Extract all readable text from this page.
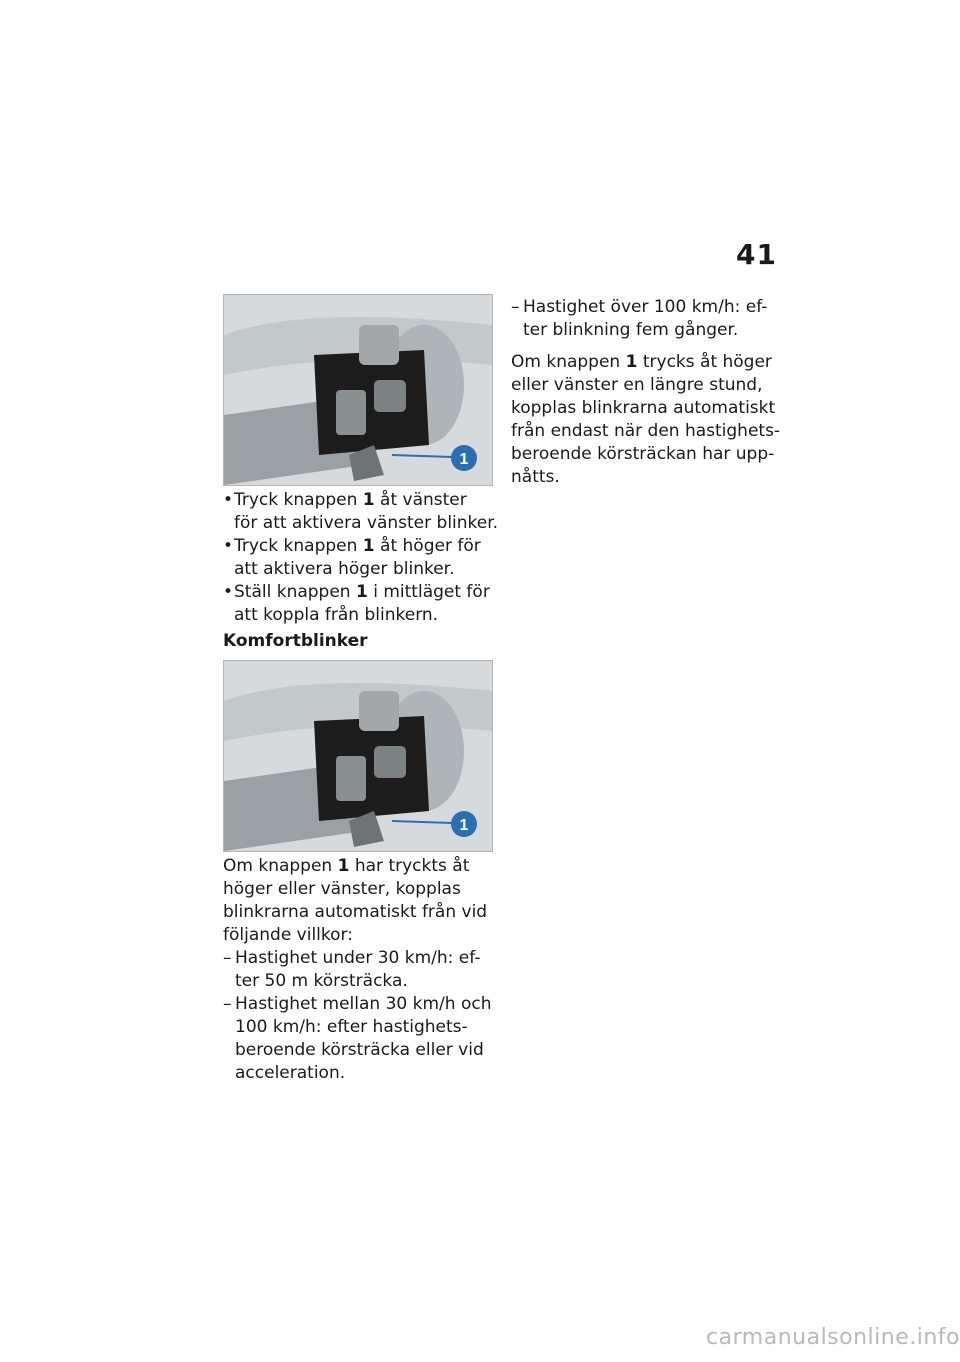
41
1
• Tryck knappen 1 åt vänster
för att aktivera vänster blinker.
• Tryck knappen 1 åt höger för
att aktivera höger blinker.
• Ställ knappen 1 i mittläget för
att koppla från blinkern.
Komfortblinker
1

Om knappen 1 har tryckts åt
höger eller vänster, kopplas
blinkrarna automatiskt från vid
följande villkor:

– Hastighet under 30 km/h: ef-
ter 50 m körsträcka.
– Hastighet mellan 30 km/h och
100 km/h: efter hastighets-
beroende körsträcka eller vid
acceleration.
– Hastighet över 100 km/h: ef-
ter blinkning fem gånger.

Om knappen 1 trycks åt höger
eller vänster en längre stund,
kopplas blinkrarna automatiskt
från endast när den hastighets-
beroende körsträckan har upp-
nåtts.

carmanualsonline.info
